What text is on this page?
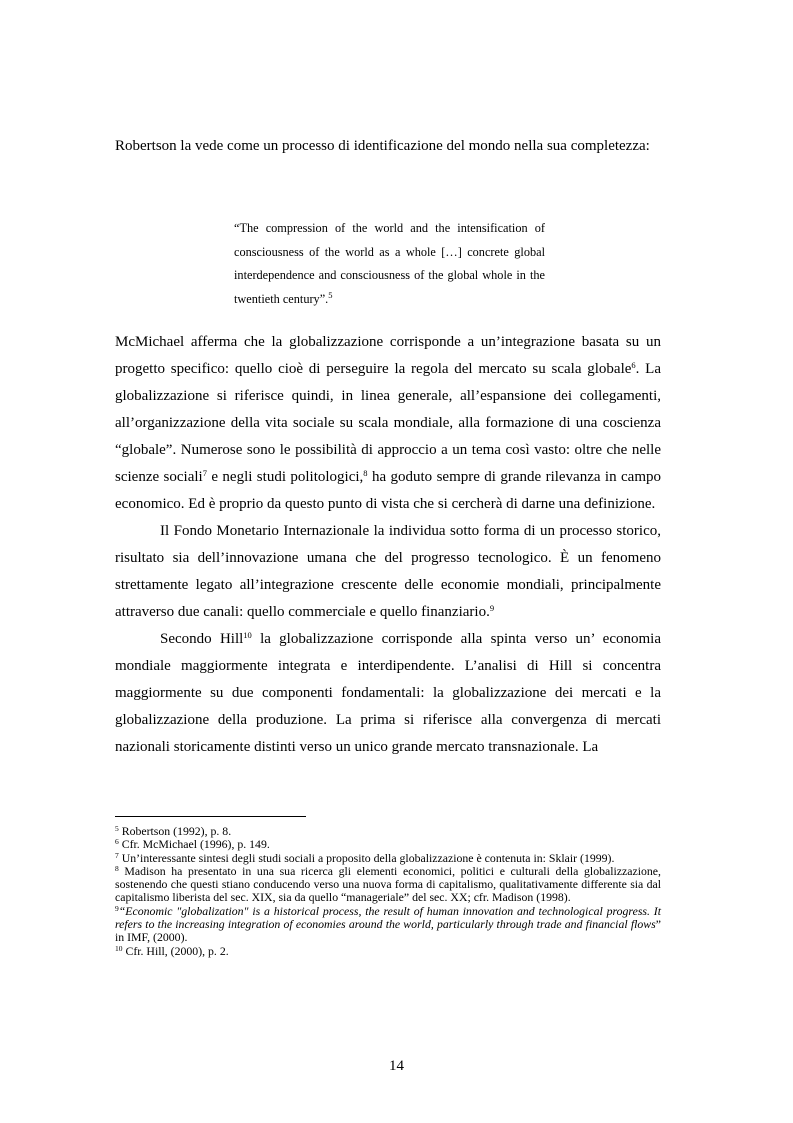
Robertson la vede come un processo di identificazione del mondo nella sua completezza:

“The compression of the world and the intensification of consciousness of the world as a whole […] concrete global interdependence and consciousness of the global whole in the twentieth century”.$^5$

McMichael afferma che la globalizzazione corrisponde a un’integrazione basata su un progetto specifico: quello cioè di perseguire la regola del mercato su scala globale$^6$. La globalizzazione si riferisce quindi, in linea generale, all’espansione dei collegamenti, all’organizzazione della vita sociale su scala mondiale, alla formazione di una coscienza “globale”. Numerose sono le possibilità di approccio a un tema così vasto: oltre che nelle scienze sociali$^7$ e negli studi politologici,$^8$ ha goduto sempre di grande rilevanza in campo economico. Ed è proprio da questo punto di vista che si cercherà di darne una definizione.

Il Fondo Monetario Internazionale la individua sotto forma di un processo storico, risultato sia dell’innovazione umana che del progresso tecnologico. È un fenomeno strettamente legato all’integrazione crescente delle economie mondiali, principalmente attraverso due canali: quello commerciale e quello finanziario.$^9$

Secondo Hill$^{10}$ la globalizzazione corrisponde alla spinta verso un’ economia mondiale maggiormente integrata e interdipendente. L’analisi di Hill si concentra maggiormente su due componenti fondamentali: la globalizzazione dei mercati e la globalizzazione della produzione. La prima si riferisce alla convergenza di mercati nazionali storicamente distinti verso un unico grande mercato transnazionale. La

$^5$ Robertson (1992), p. 8.

$^6$ Cfr. McMichael (1996), p. 149.

$^7$ Un’interessante sintesi degli studi sociali a proposito della globalizzazione è contenuta in: Sklair (1999).

$^8$ Madison ha presentato in una sua ricerca gli elementi economici, politici e culturali della globalizzazione, sostenendo che questi stiano conducendo verso una nuova forma di capitalismo, qualitativamente differente sia dal capitalismo liberista del sec. XIX, sia da quello “manageriale” del sec. XX; cfr. Madison (1998).

$^9$“Economic "globalization" is a historical process, the result of human innovation and technological progress. It refers to the increasing integration of economies around the world, particularly through trade and financial flows” in IMF, (2000).

$^{10}$ Cfr. Hill, (2000), p. 2.

14
